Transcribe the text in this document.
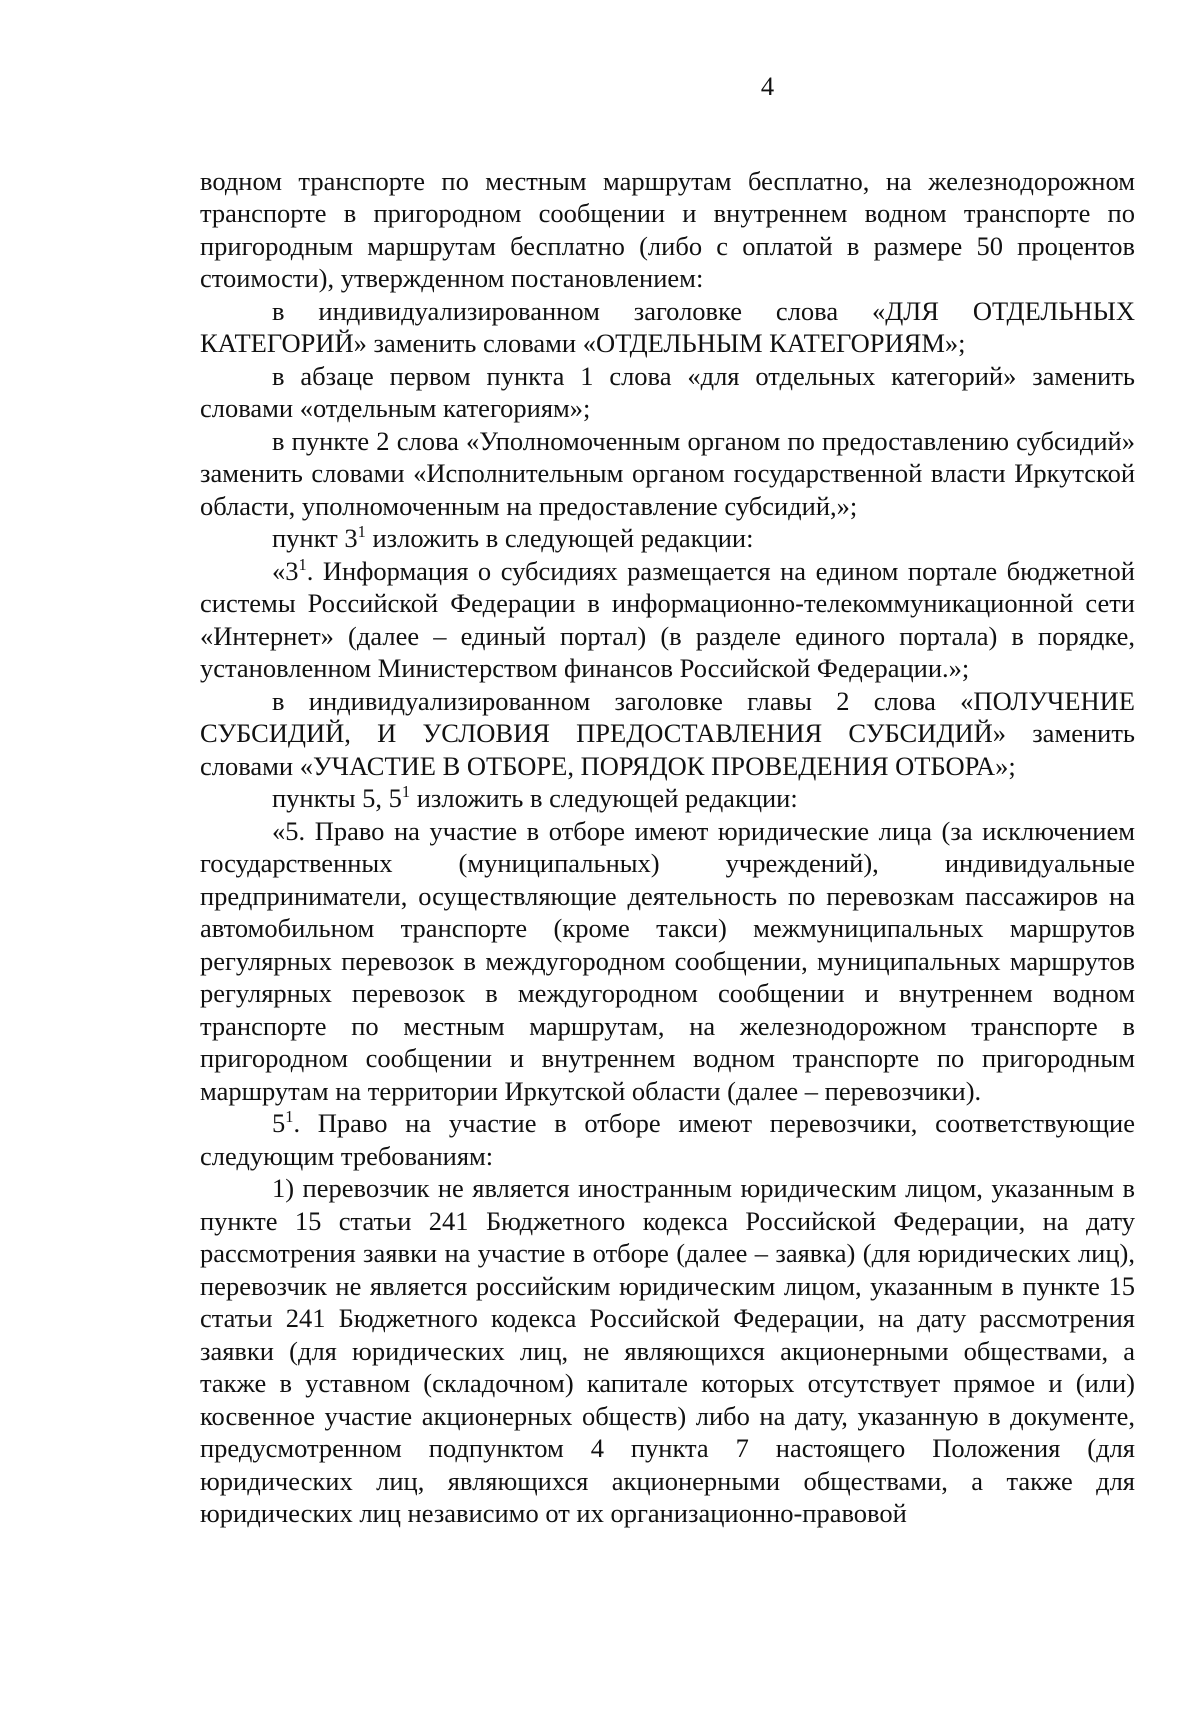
4

водном транспорте по местным маршрутам бесплатно, на железнодорожном транспорте в пригородном сообщении и внутреннем водном транспорте по пригородным маршрутам бесплатно (либо с оплатой в размере 50 процентов стоимости), утвержденном постановлением:

в индивидуализированном заголовке слова «ДЛЯ ОТДЕЛЬНЫХ КАТЕГОРИЙ» заменить словами «ОТДЕЛЬНЫМ КАТЕГОРИЯМ»;

в абзаце первом пункта 1 слова «для отдельных категорий» заменить словами «отдельным категориям»;

в пункте 2 слова «Уполномоченным органом по предоставлению субсидий» заменить словами «Исполнительным органом государственной власти Иркутской области, уполномоченным на предоставление субсидий,»;

пункт $3^1$ изложить в следующей редакции:

«$3^1$. Информация о субсидиях размещается на едином портале бюджетной системы Российской Федерации в информационно-телекоммуникационной сети «Интернет» (далее – единый портал) (в разделе единого портала) в порядке, установленном Министерством финансов Российской Федерации.»;

в индивидуализированном заголовке главы 2 слова «ПОЛУЧЕНИЕ СУБСИДИЙ, И УСЛОВИЯ ПРЕДОСТАВЛЕНИЯ СУБСИДИЙ» заменить словами «УЧАСТИЕ В ОТБОРЕ, ПОРЯДОК ПРОВЕДЕНИЯ ОТБОРА»;

пункты 5, $5^1$ изложить в следующей редакции:

«5. Право на участие в отборе имеют юридические лица (за исключением государственных (муниципальных) учреждений), индивидуальные предприниматели, осуществляющие деятельность по перевозкам пассажиров на автомобильном транспорте (кроме такси) межмуниципальных маршрутов регулярных перевозок в междугородном сообщении, муниципальных маршрутов регулярных перевозок в междугородном сообщении и внутреннем водном транспорте по местным маршрутам, на железнодорожном транспорте в пригородном сообщении и внутреннем водном транспорте по пригородным маршрутам на территории Иркутской области (далее – перевозчики).

$5^1$. Право на участие в отборе имеют перевозчики, соответствующие следующим требованиям:

1) перевозчик не является иностранным юридическим лицом, указанным в пункте 15 статьи 241 Бюджетного кодекса Российской Федерации, на дату рассмотрения заявки на участие в отборе (далее – заявка) (для юридических лиц), перевозчик не является российским юридическим лицом, указанным в пункте 15 статьи 241 Бюджетного кодекса Российской Федерации, на дату рассмотрения заявки (для юридических лиц, не являющихся акционерными обществами, а также в уставном (складочном) капитале которых отсутствует прямое и (или) косвенное участие акционерных обществ) либо на дату, указанную в документе, предусмотренном подпунктом 4 пункта 7 настоящего Положения (для юридических лиц, являющихся акционерными обществами, а также для юридических лиц независимо от их организационно-правовой
